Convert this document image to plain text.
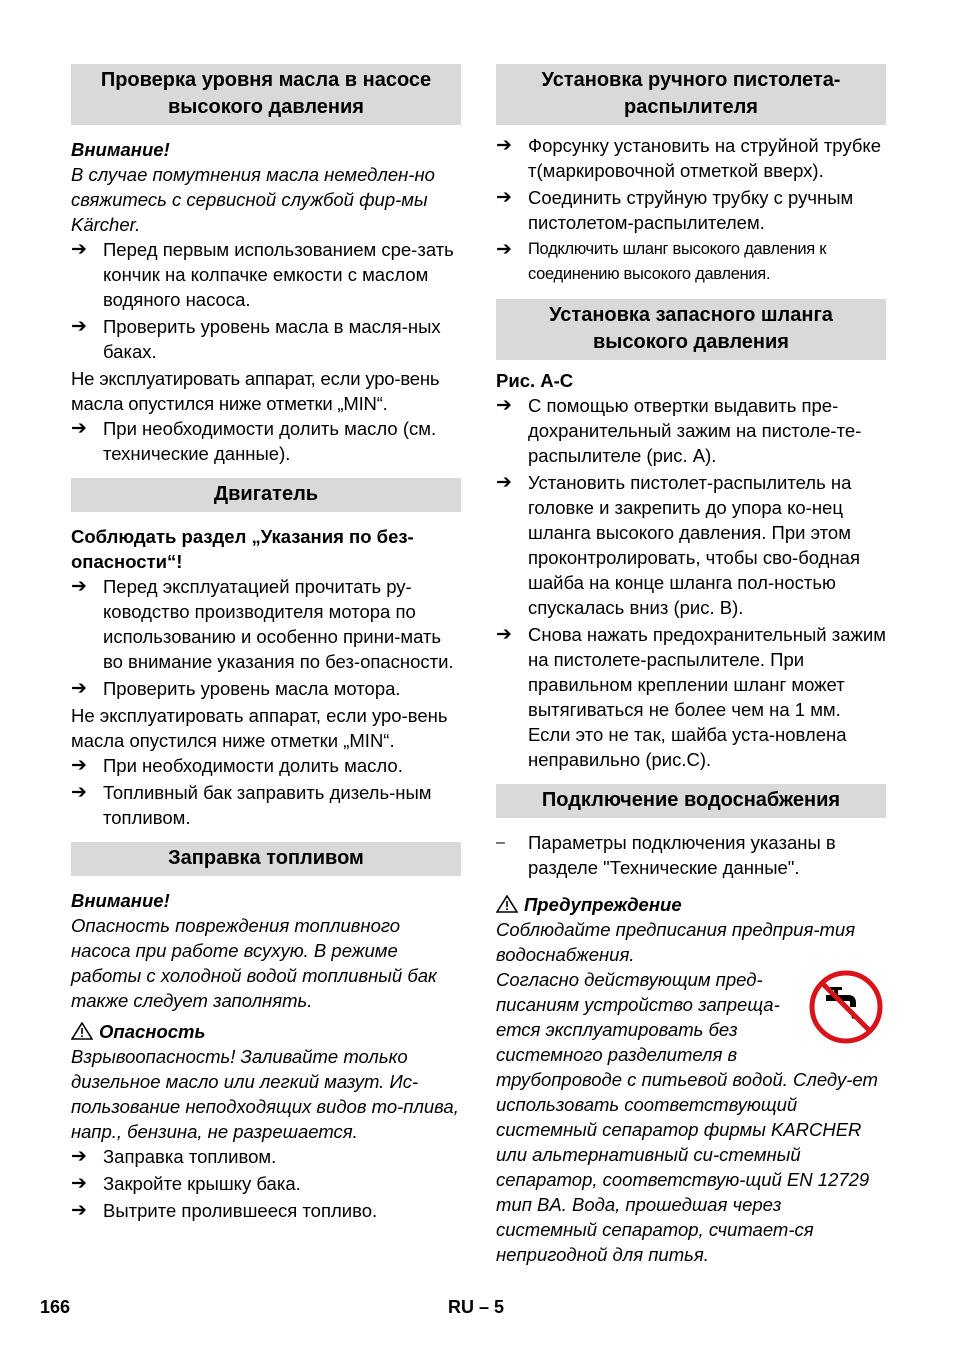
Проверка уровня масла в насосе высокого давления

Внимание!

В случае помутнения масла немедлен-но свяжитесь с сервисной службой фир-мы Kärcher.

➔ Перед первым использованием сре-зать кончик на колпачке емкости с маслом водяного насоса.
➔ Проверить уровень масла в масля-ных баках.

Не эксплуатировать аппарат, если уро-вень масла опустился ниже отметки „MIN“.

➔ При необходимости долить масло (см. технические данные).
Двигатель

Соблюдать раздел „Указания по без-опасности“!

➔ Перед эксплуатацией прочитать ру-ководство производителя мотора по использованию и особенно прини-мать во внимание указания по без-опасности.
➔ Проверить уровень масла мотора.

Не эксплуатировать аппарат, если уро-вень масла опустился ниже отметки „MIN“.

➔ При необходимости долить масло.
➔ Топливный бак заправить дизель-ным топливом.
Заправка топливом

Внимание!

Опасность повреждения топливного насоса при работе всухую. В режиме работы с холодной водой топливный бак также следует заполнять.

Опасность

Взрывоопасность! Заливайте только дизельное масло или легкий мазут. Ис-пользование неподходящих видов то-плива, напр., бензина, не разрешается.

➔ Заправка топливом.
➔ Закройте крышку бака.
➔ Вытрите пролившееся топливо.
Установка ручного пистолета-распылителя
➔ Форсунку установить на струйной трубке т(маркировочной отметкой вверх).
➔ Соединить струйную трубку с ручным пистолетом-распылителем.
➔ Подключить шланг высокого давления к соединению высокого давления.
Установка запасного шланга высокого давления

Рис. A-C

➔ С помощью отвертки выдавить пре-дохранительный зажим на пистоле-те-распылителе (рис. A).
➔ Установить пистолет-распылитель на головке и закрепить до упора ко-нец шланга высокого давления. При этом проконтролировать, чтобы сво-бодная шайба на конце шланга пол-ностью спускалась вниз (рис. B).
➔ Снова нажать предохранительный зажим на пистолете-распылителе. При правильном креплении шланг может вытягиваться не более чем на 1 мм. Если это не так, шайба уста-новлена неправильно (рис.C).
Подключение водоснабжения
–	Параметры подключения указаны в разделе "Технические данные".
Предупреждение

Соблюдайте предписания предприя-тия водоснабжения.

Согласно действующим пред-писаниям устройство запреща-ется эксплуатировать без системного разделителя в трубопроводе с питьевой водой. Следу-ет использовать соответствующий системный сепаратор фирмы KARCHER или альтернативный си-стемный сепаратор, соответствую-щий EN 12729 тип BA. Вода, прошедшая через системный сепаратор, считает-ся непригодной для питья.
166	RU – 5
